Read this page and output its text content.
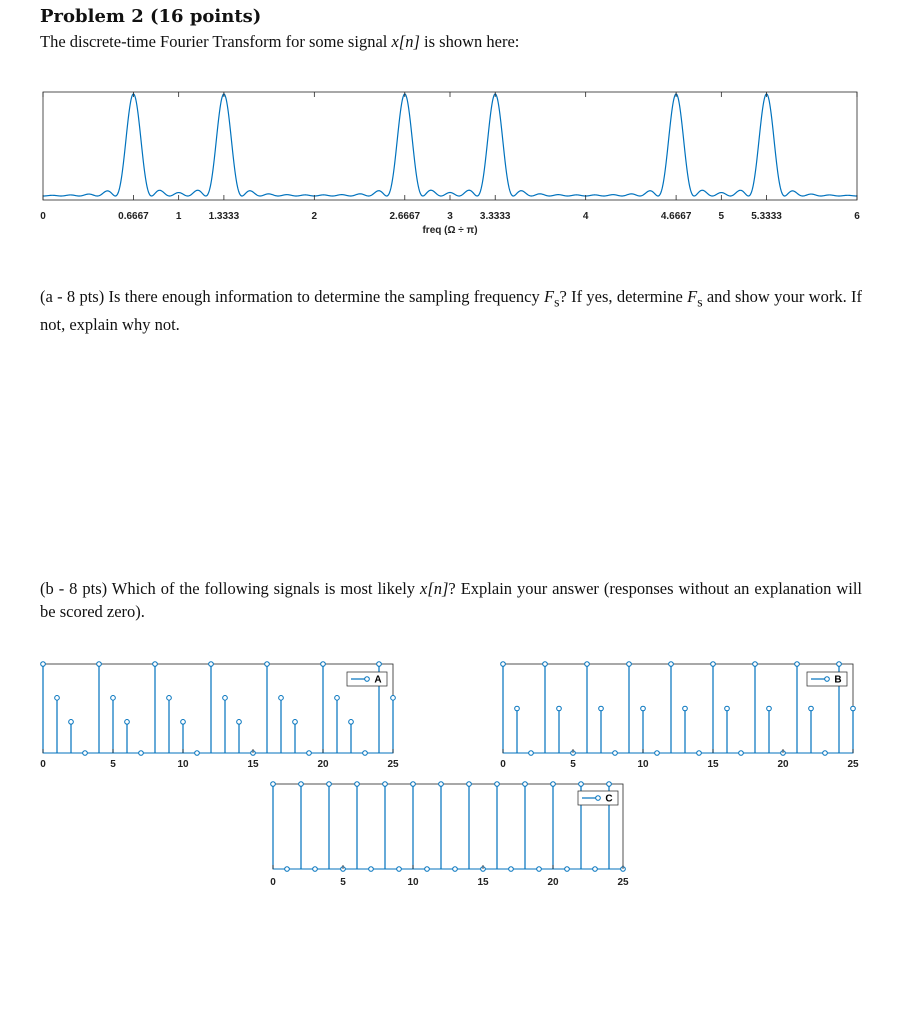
Problem 2 (16 points)

The discrete-time Fourier Transform for some signal x[n] is shown here:

(a - 8 pts) Is there enough information to determine the sampling frequency $F_s$? If yes, determine $F_s$ and show your work. If not, explain why not.

(b - 8 pts) Which of the following signals is most likely x[n]? Explain your answer (responses without an explanation will be scored zero).

0	0.6667	1	1.3333	2	2.6667	3	3.3333	4	4.6667	5	5.3333	6
freq (Ω ÷ π)
0	5	10	15	20	25
A
0	5	10	15	20	25
B
0	5	10	15	20	25
C
